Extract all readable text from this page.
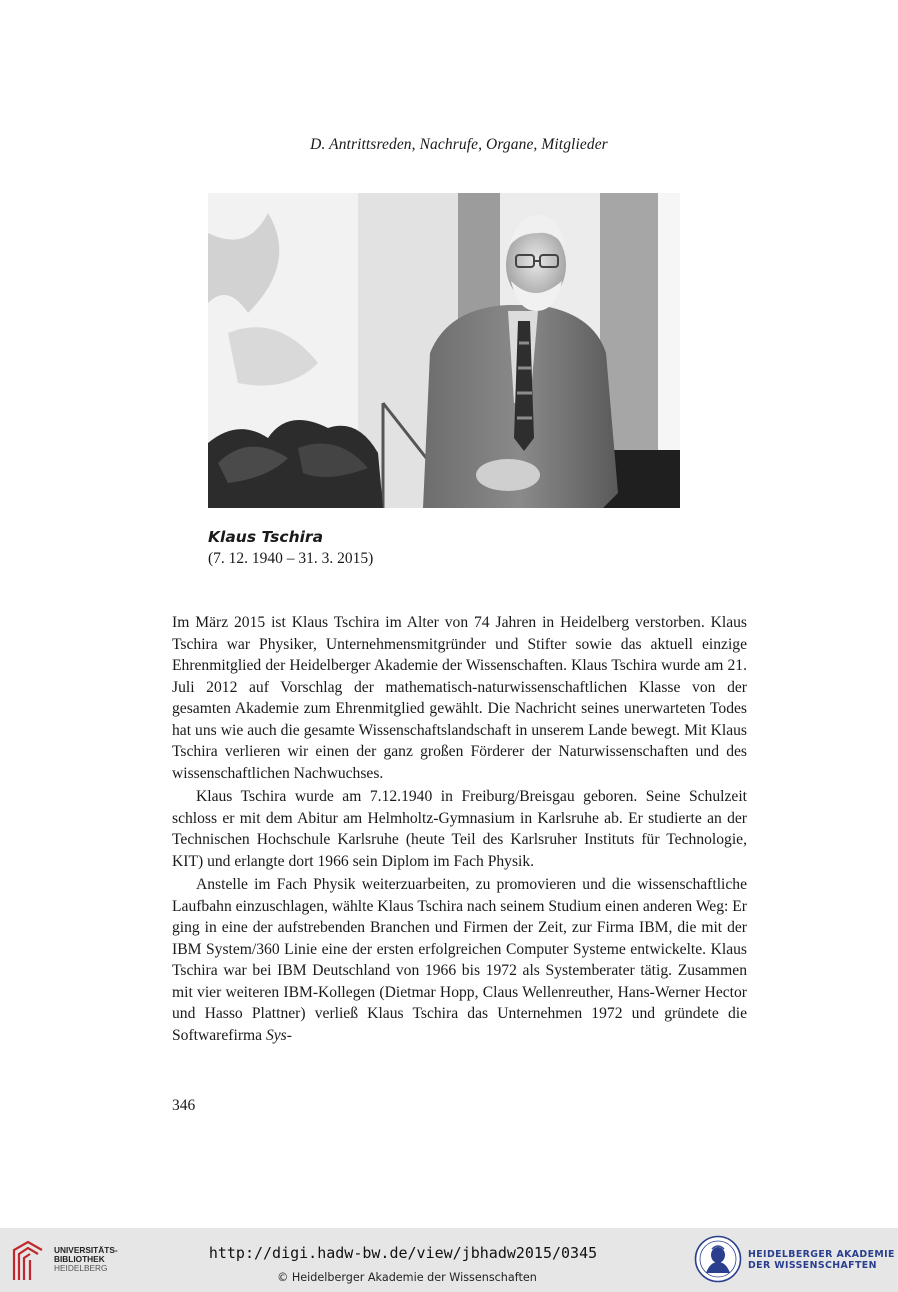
D. Antrittsreden, Nachrufe, Organe, Mitglieder
Klaus Tschira
(7. 12. 1940 – 31. 3. 2015)

Im März 2015 ist Klaus Tschira im Alter von 74 Jahren in Heidelberg verstorben. Klaus Tschira war Physiker, Unternehmensmitgründer und Stifter sowie das aktuell einzige Ehrenmitglied der Heidelberger Akademie der Wissenschaften. Klaus Tschira wurde am 21. Juli 2012 auf Vorschlag der mathematisch-naturwissenschaftlichen Klasse von der gesamten Akademie zum Ehrenmitglied gewählt. Die Nachricht seines unerwarteten Todes hat uns wie auch die gesamte Wissenschaftslandschaft in unserem Lande bewegt. Mit Klaus Tschira verlieren wir einen der ganz großen Förderer der Naturwissenschaften und des wissenschaftlichen Nachwuchses.

Klaus Tschira wurde am 7.12.1940 in Freiburg/Breisgau geboren. Seine Schulzeit schloss er mit dem Abitur am Helmholtz-Gymnasium in Karlsruhe ab. Er studierte an der Technischen Hochschule Karlsruhe (heute Teil des Karlsruher Instituts für Technologie, KIT) und erlangte dort 1966 sein Diplom im Fach Physik.

Anstelle im Fach Physik weiterzuarbeiten, zu promovieren und die wissenschaftliche Laufbahn einzuschlagen, wählte Klaus Tschira nach seinem Studium einen anderen Weg: Er ging in eine der aufstrebenden Branchen und Firmen der Zeit, zur Firma IBM, die mit der IBM System/360 Linie eine der ersten erfolgreichen Computer Systeme entwickelte. Klaus Tschira war bei IBM Deutschland von 1966 bis 1972 als Systemberater tätig. Zusammen mit vier weiteren IBM-Kollegen (Dietmar Hopp, Claus Wellenreuther, Hans-Werner Hector und Hasso Plattner) verließ Klaus Tschira das Unternehmen 1972 und gründete die Softwarefirma Sys-

346
UNIVERSITÄTS-
BIBLIOTHEK
HEIDELBERG
http://digi.hadw-bw.de/view/jbhadw2015/0345
© Heidelberger Akademie der Wissenschaften
HEIDELBERGER AKADEMIE
DER WISSENSCHAFTEN
